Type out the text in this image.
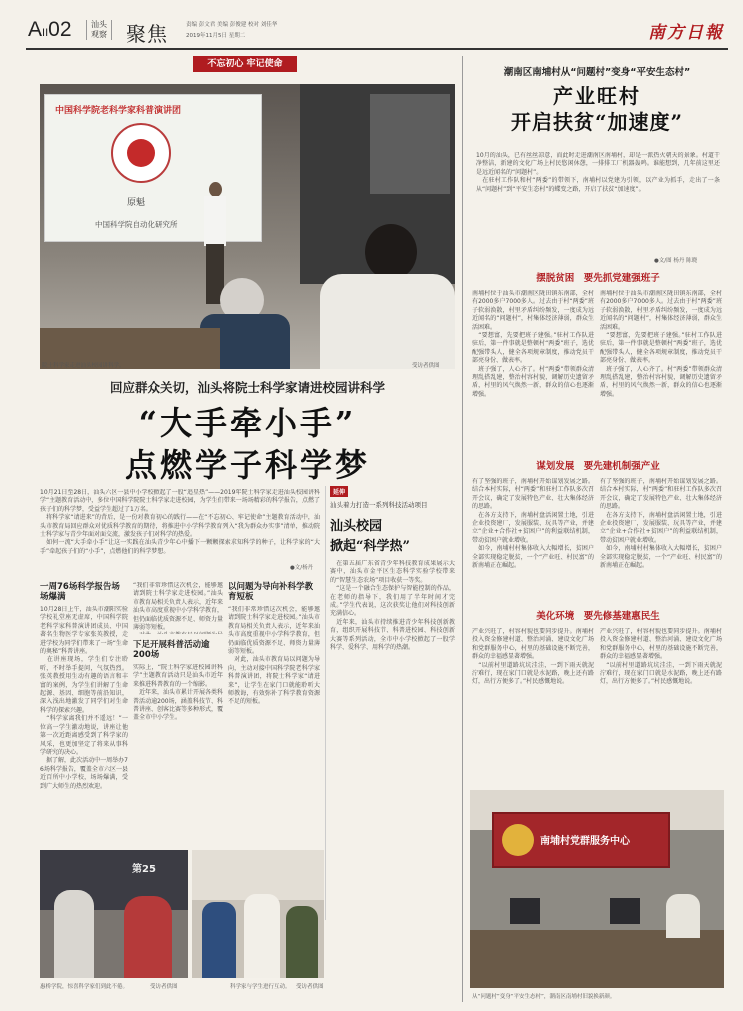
AII02 汕头
观察 聚焦	责编 彭文君 美编 彭俊建 校对 刘佳华
2019年11月5日 星期二	南方日報
不忘初心 牢记使命
中国科学院老科学家科普演讲团
原魁
中国科学院自动化研究所
院士科学家走进汕头校园讲科学。	受访者供图
回应群众关切，汕头将院士科学家请进校园讲科学
“大手牵小手”
点燃学子科学梦
10月21日至28日，汕头六区一县中小学校掀起了一股“追星热”——2019年院士科学家走进汕头校园讲科学“主题教育活动中，多位中国科学院院士科学家走进校园，为学生们带来一场场精彩的科学报告，点燃了孩子们的科学梦，受益学生超过了1万名。
　将科学家“请进来”的背后，是一份对教育初心的践行——在“不忘初心、牢记使命”主题教育活动中，汕头市教育局回应群众对优质科学教育的期待，将推进中小学科学教育列入“我为群众办实事”清单，推动院士科学家与青少年面对面交流，激发孩子们对科学的热爱。
　如何一流“大手牵小手”让这一实践在汕头青少年心中播下一颗颗探索求知科学的种子，让科学家的“大手”牵起孩子们的“小手”，点燃他们的科学梦想。
●文/杨丹
延伸
汕头着力打造一系列科技活动项目
汕头校园
掀起“科学热”
　在第五届广东省青少年科技教育成果展示大赛中，汕头市金平区生态科学实验学校带来的“智慧生态农场”项目收获一等奖。
　“这是一个融合生态保护与智能控制的作品，在老师的指导下，我们用了半年时间才完成。”学生代表说，这次获奖让他们对科技创新充满信心。
　近年来，汕头市持续推进青少年科技创新教育，组织开展科技节、科普进校园、科技创新大赛等系列活动，全市中小学校掀起了一股学科学、爱科学、用科学的热潮。
一周76场科学报告场场爆满
10月28日上午，汕头市潮阳实验学校礼堂座无虚席，中国科学院老科学家科普演讲团成员、中国著名生物医学专家张英教授，走进学校为同学们带来了一场“生命的奥秘”科普讲座。
　在讲座现场，学生们专注聆听，不时举手提问，气氛热烈。张英教授用生动有趣的语言和丰富的案例，为学生们讲解了生命起源、基因、细胞等前沿知识，深入浅出地激发了同学们对生命科学的探索兴趣。
　“科学家离我们并不遥远！”一位高一学生激动地说，讲座让他第一次近距离感受到了科学家的风采，也更加坚定了将来从事科学研究的决心。
　据了解，此次活动中一周举办76场科学报告，覆盖全市六区一县近百所中小学校，场场爆满，受到广大师生的热烈欢迎。
下足开展科普活动逾200场
实际上，“院士科学家进校园讲科学”主题教育活动只是汕头市近年来推进科普教育的一个缩影。
　近年来，汕头市累计开展各类科普活动逾200场，涵盖科技节、科普讲座、创客比赛等多种形式，覆盖全市中小学生。
“我们非常珍惜这次机会，能够邀请到院士科学家走进校园。”汕头市教育局相关负责人表示，近年来汕头市高度重视中小学科学教育，但仍面临优质资源不足、师资力量薄弱等短板。

以问题为导向补科学教育短板
“我们非常珍惜这次机会，能够邀请到院士科学家走进校园。”汕头市教育局相关负责人表示，近年来汕头市高度重视中小学科学教育，但仍面临优质资源不足、师资力量薄弱等短板。
　对此，汕头市教育局以问题为导向，主动对接中国科学院老科学家科普演讲团，将院士科学家“请进来”，让学生在家门口就能聆听大师教诲，有效弥补了科学教育资源不足的短板。
第25
惠桥学院，惊喜科学家们到此不倦。	受访者供图	科学家与学生进行互动。 受访者供图
潮南区南埔村从“问题村”变身“平安生态村”
产业旺村
开启扶贫“加速度”
10月的汕头，已有丝丝凉意，而此时走进潮南区南埔村，却是一派热火朝天的景象。村道干净整洁，新建的文化广场上村民悠闲休憩，一排排工厂机器轰鸣。谁能想到，几年前这里还是远近闻名的“问题村”。
　在驻村工作队和村“两委”的带领下，南埔村以党建为引领，以产业为抓手，走出了一条从“问题村”到“平安生态村”的蝶变之路，开启了扶贫“加速度”。
●文/图 杨丹 陈晓
摆脱贫困　要先抓党建强班子
南埔村位于汕头市潮南区陇田镇东南部，全村有2000多户7000多人。过去由于村“两委”班子软弱涣散，村里矛盾纠纷频发，一度成为远近闻名的“问题村”，村集体经济薄弱，群众生活困难。
　“要想富，先要把班子建强。”驻村工作队进驻后，第一件事就是整顿村“两委”班子，选优配强带头人，健全各项规章制度，推动党员干部亮身份、做表率。
　班子强了，人心齐了。村“两委”带领群众清理乱搭乱建，整治村容村貌，调解历史遗留矛盾，村里的风气焕然一新，群众的信心也逐渐增强。
南埔村位于汕头市潮南区陇田镇东南部，全村有2000多户7000多人。过去由于村“两委”班子软弱涣散，村里矛盾纠纷频发，一度成为远近闻名的“问题村”，村集体经济薄弱，群众生活困难。
　“要想富，先要把班子建强。”驻村工作队进驻后，第一件事就是整顿村“两委”班子，选优配强带头人，健全各项规章制度，推动党员干部亮身份、做表率。
　班子强了，人心齐了。村“两委”带领群众清理乱搭乱建，整治村容村貌，调解历史遗留矛盾，村里的风气焕然一新，群众的信心也逐渐增强。
谋划发展　要先建机制强产业
有了坚强的班子，南埔村开始谋划发展之路。结合本村实际，村“两委”和驻村工作队多次召开会议，确定了发展特色产业、壮大集体经济的思路。
　在各方支持下，南埔村盘活闲置土地，引进企业投资建厂，发展服装、玩具等产业，并建立“企业+合作社+贫困户”的利益联结机制，带动贫困户就业增收。
　如今，南埔村村集体收入大幅增长，贫困户全部实现稳定脱贫，一个“产业旺、村民富”的新南埔正在崛起。
有了坚强的班子，南埔村开始谋划发展之路。结合本村实际，村“两委”和驻村工作队多次召开会议，确定了发展特色产业、壮大集体经济的思路。
　在各方支持下，南埔村盘活闲置土地，引进企业投资建厂，发展服装、玩具等产业，并建立“企业+合作社+贫困户”的利益联结机制，带动贫困户就业增收。
　如今，南埔村村集体收入大幅增长，贫困户全部实现稳定脱贫，一个“产业旺、村民富”的新南埔正在崛起。
美化环境　要先修基建惠民生
产业兴旺了，村容村貌也要同步提升。南埔村投入资金修建村道、整治河涌、建设文化广场和党群服务中心，村里的基础设施不断完善，群众的幸福感显著增强。
　“以前村里道路坑坑洼洼，一到下雨天就泥泞难行，现在家门口就是水泥路，晚上还有路灯，出行方便多了。”村民感慨地说。
产业兴旺了，村容村貌也要同步提升。南埔村投入资金修建村道、整治河涌、建设文化广场和党群服务中心，村里的基础设施不断完善，群众的幸福感显著增强。
　“以前村里道路坑坑洼洼，一到下雨天就泥泞难行，现在家门口就是水泥路，晚上还有路灯，出行方便多了。”村民感慨地说。
南埔村党群服务中心
从“问题村”变身“平安生态村”，潮南区南埔村旧貌换新颜。
